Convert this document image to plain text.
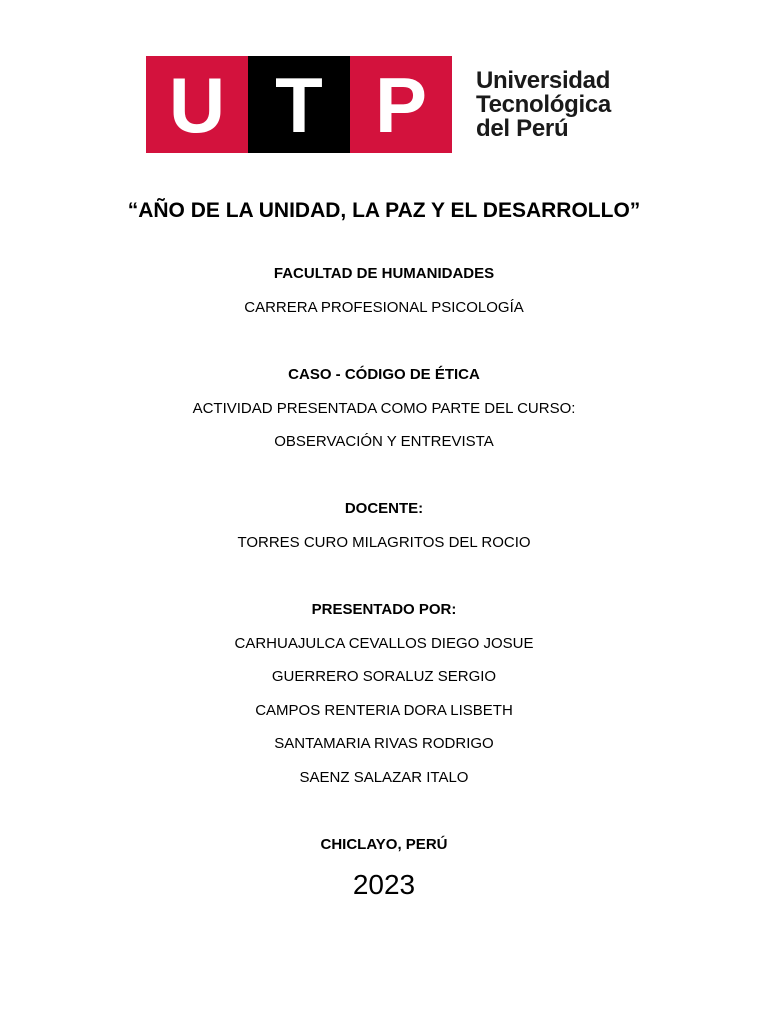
U T P	Universidad
Tecnológica
del Perú
“AÑO DE LA UNIDAD, LA PAZ Y EL DESARROLLO”
FACULTAD DE HUMANIDADES
CARRERA PROFESIONAL PSICOLOGÍA
CASO - CÓDIGO DE ÉTICA
ACTIVIDAD PRESENTADA COMO PARTE DEL CURSO:
OBSERVACIÓN Y ENTREVISTA
DOCENTE:
TORRES CURO MILAGRITOS DEL ROCIO
PRESENTADO POR:
CARHUAJULCA CEVALLOS DIEGO JOSUE
GUERRERO SORALUZ SERGIO
CAMPOS RENTERIA DORA LISBETH
SANTAMARIA RIVAS RODRIGO
SAENZ SALAZAR ITALO
CHICLAYO, PERÚ
2023
